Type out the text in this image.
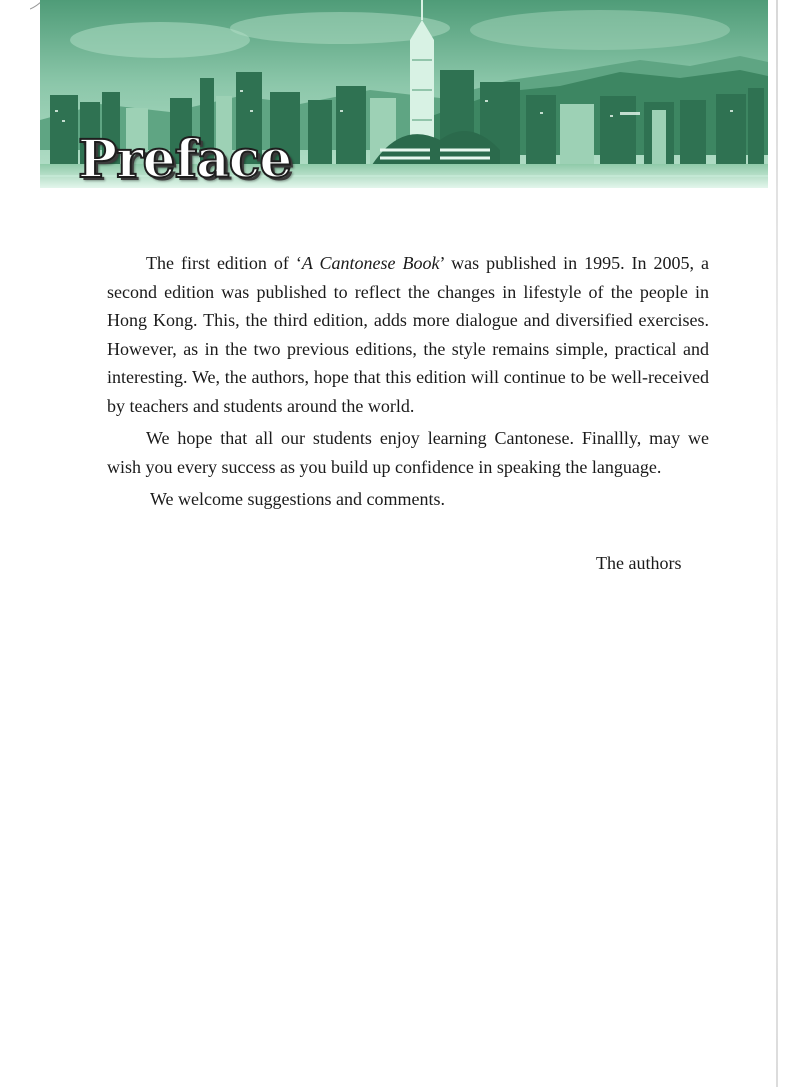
Preface

The first edition of ‘A Cantonese Book’ was published in 1995. In 2005, a second edition was published to reflect the changes in lifestyle of the people in Hong Kong. This, the third edition, adds more dialogue and diversified exercises. However, as in the two previous editions, the style remains simple, practical and interesting. We, the authors, hope that this edition will continue to be well-received by teachers and students around the world.

We hope that all our students enjoy learning Cantonese. Finallly, may we wish you every success as you build up confidence in speaking the language.

We welcome suggestions and comments.

The authors
